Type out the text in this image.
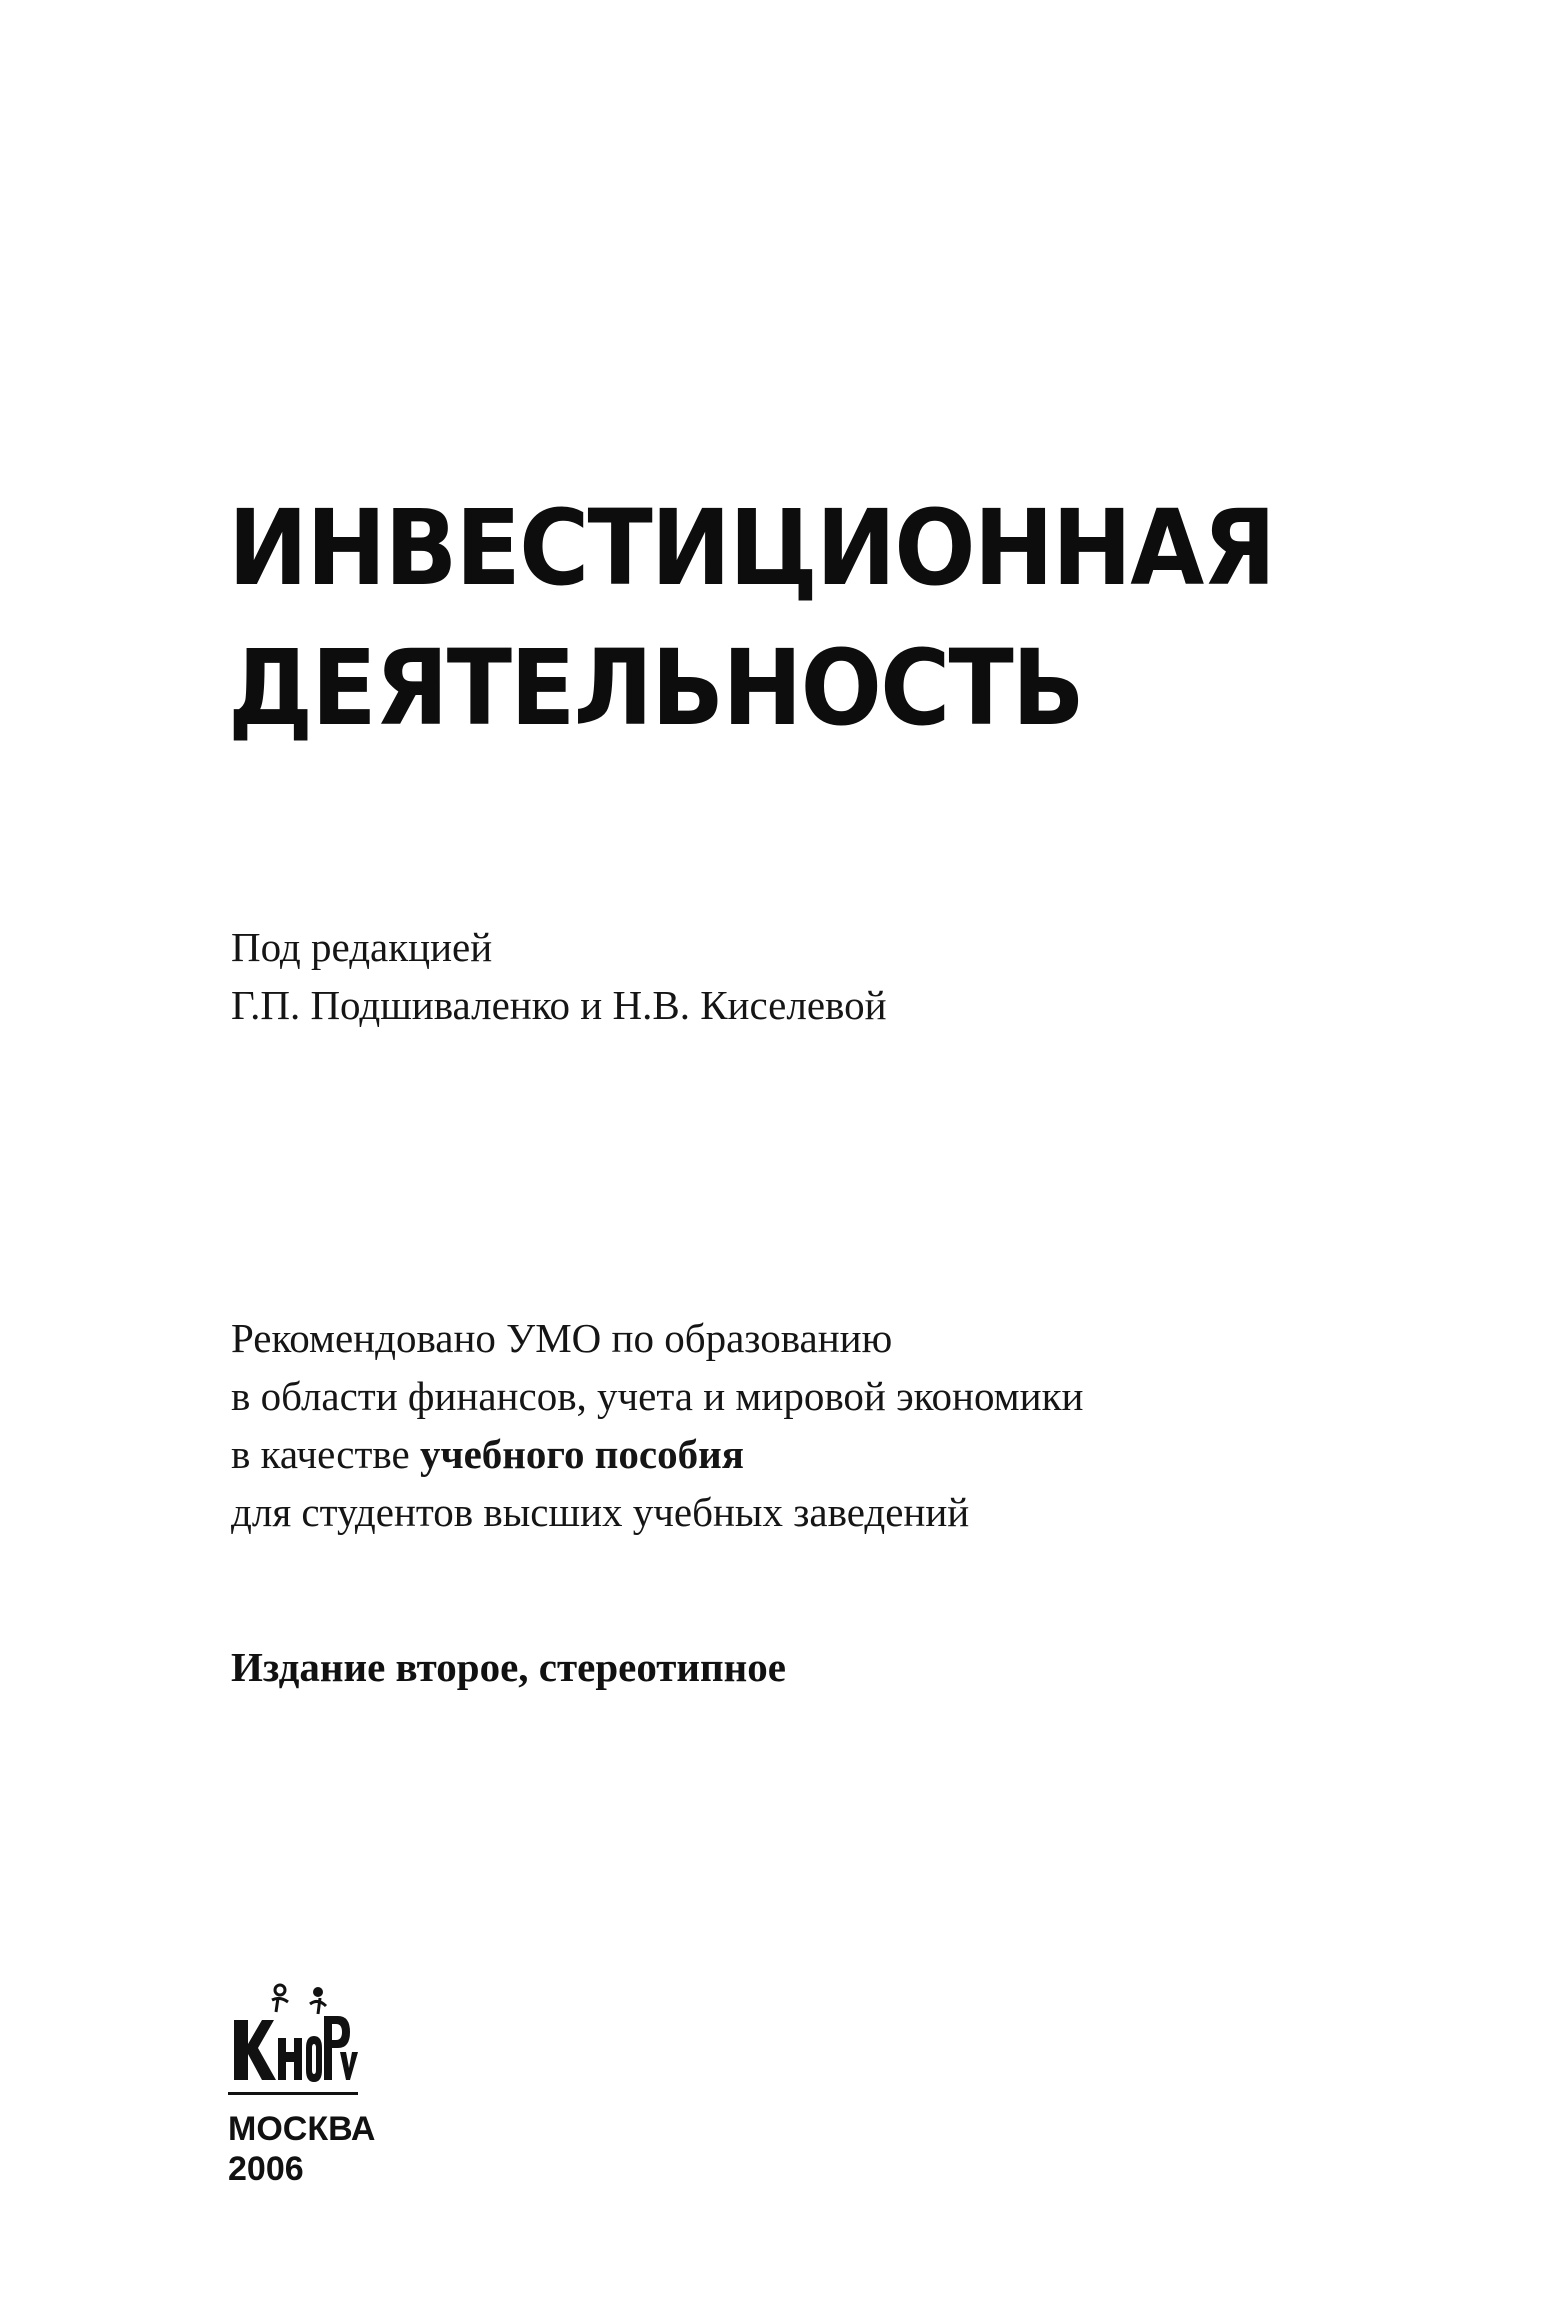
ИНВЕСТИЦИОННАЯ
ДЕЯТЕЛЬНОСТЬ
Под редакцией
Г.П. Подшиваленко и Н.В. Киселевой
Рекомендовано УМО по образованию
в области финансов, учета и мировой экономики
в качестве учебного пособия
для студентов высших учебных заведений
Издание второе, стереотипное
МОСКВА
2006
